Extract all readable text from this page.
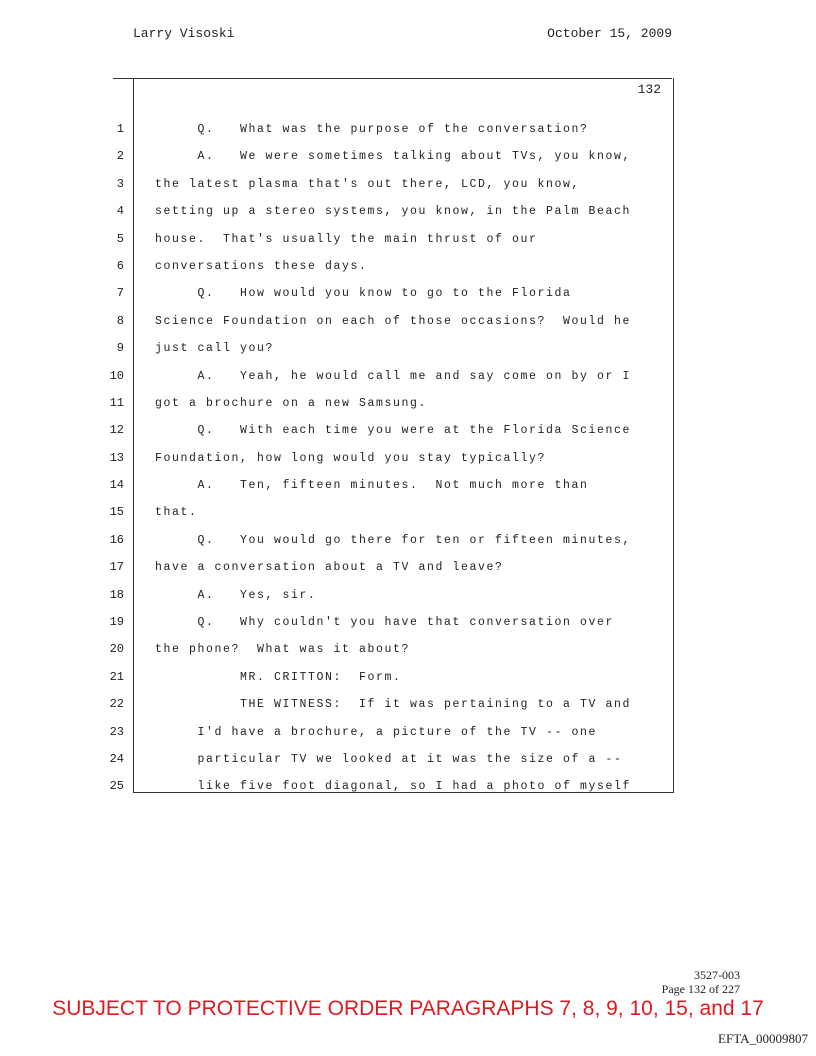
Larry Visoski	October 15, 2009
132
1
2
3
4
5
6
7
8
9
10
11
12
13
14
15
16
17
18
19
20
21
22
23
24
25
Q.   What was the purpose of the conversation?
A.   We were sometimes talking about TVs, you know,
the latest plasma that's out there, LCD, you know,
setting up a stereo systems, you know, in the Palm Beach
house.  That's usually the main thrust of our
conversations these days.
Q.   How would you know to go to the Florida
Science Foundation on each of those occasions?  Would he
just call you?
A.   Yeah, he would call me and say come on by or I
got a brochure on a new Samsung.
Q.   With each time you were at the Florida Science
Foundation, how long would you stay typically?
A.   Ten, fifteen minutes.  Not much more than
that.
Q.   You would go there for ten or fifteen minutes,
have a conversation about a TV and leave?
A.   Yes, sir.
Q.   Why couldn't you have that conversation over
the phone?  What was it about?
MR. CRITTON:  Form.
THE WITNESS:  If it was pertaining to a TV and
I'd have a brochure, a picture of the TV -- one
particular TV we looked at it was the size of a --
like five foot diagonal, so I had a photo of myself
3527-003
Page 132 of 227
SUBJECT TO PROTECTIVE ORDER PARAGRAPHS 7, 8, 9, 10, 15, and 17
EFTA_00009807
